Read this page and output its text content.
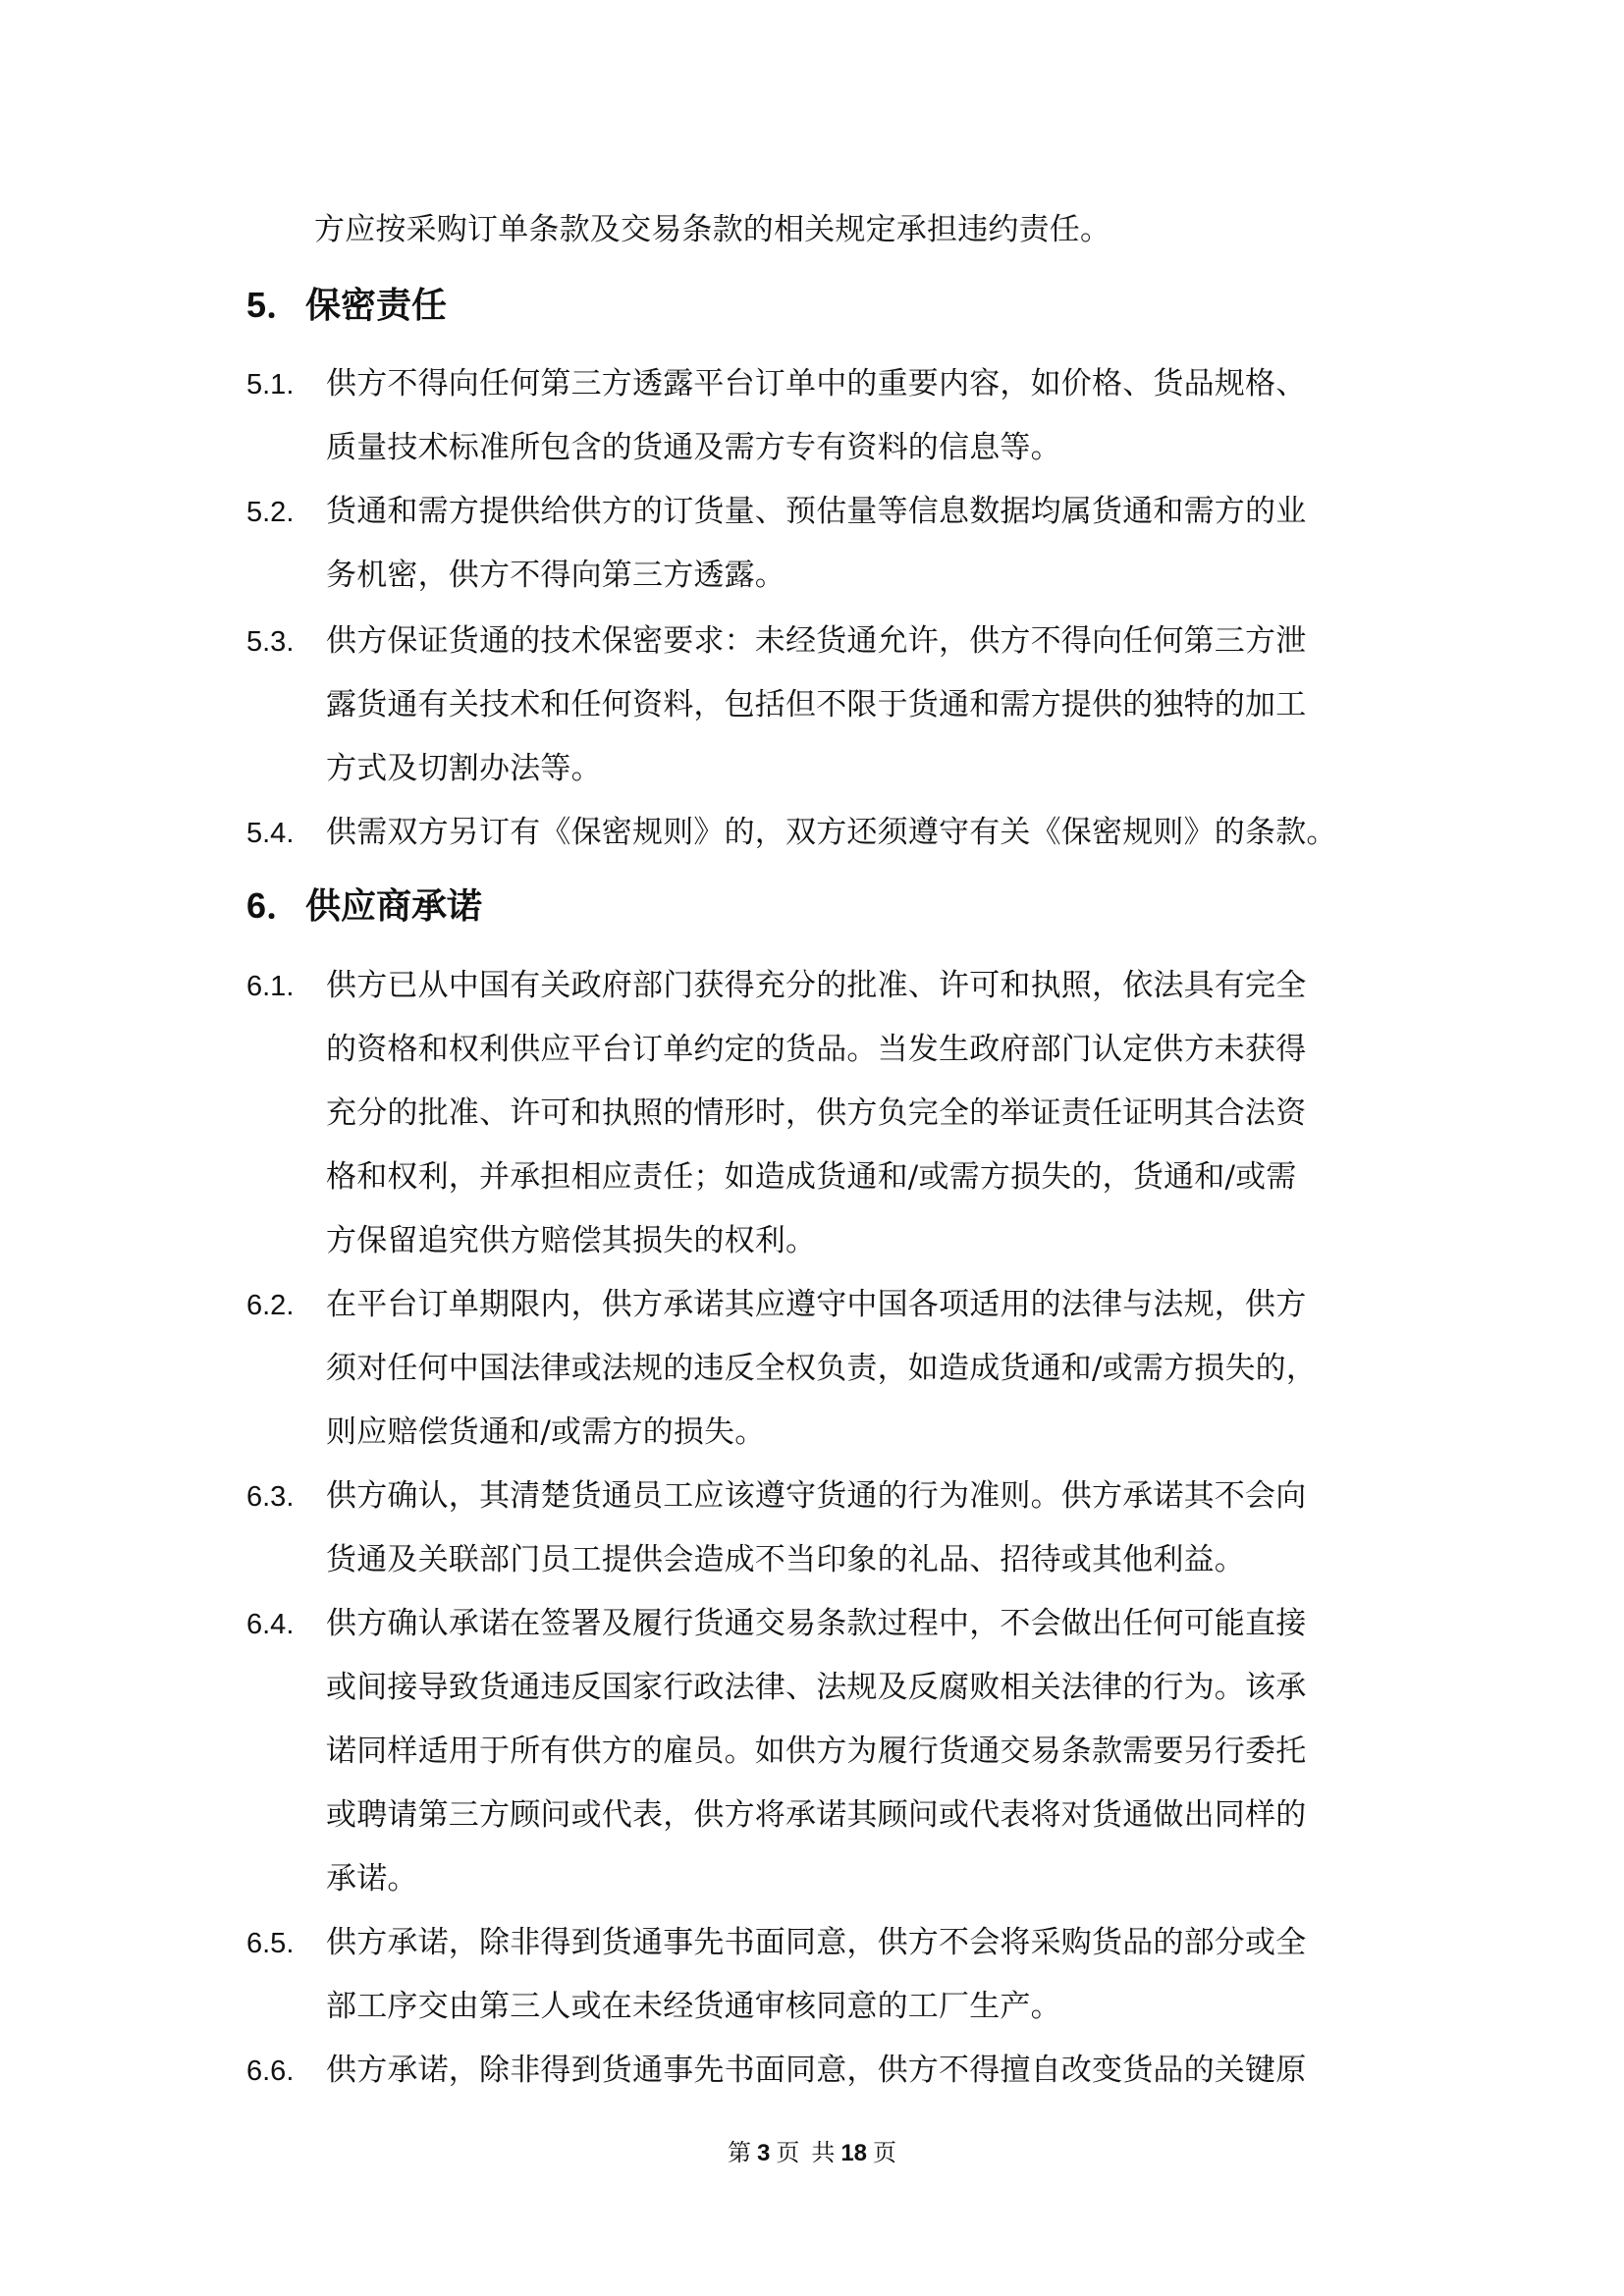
方应按采购订单条款及交易条款的相关规定承担违约责任。
5． 保密责任
5.1. 供方不得向任何第三方透露平台订单中的重要内容，如价格、货品规格、
质量技术标准所包含的货通及需方专有资料的信息等。
5.2. 货通和需方提供给供方的订货量、预估量等信息数据均属货通和需方的业
务机密，供方不得向第三方透露。
5.3. 供方保证货通的技术保密要求：未经货通允许，供方不得向任何第三方泄
露货通有关技术和任何资料，包括但不限于货通和需方提供的独特的加工
方式及切割办法等。
5.4. 供需双方另订有《保密规则》的，双方还须遵守有关《保密规则》的条款。
6． 供应商承诺
6.1. 供方已从中国有关政府部门获得充分的批准、许可和执照，依法具有完全
的资格和权利供应平台订单约定的货品。当发生政府部门认定供方未获得
充分的批准、许可和执照的情形时，供方负完全的举证责任证明其合法资
格和权利，并承担相应责任；如造成货通和/或需方损失的，货通和/或需
方保留追究供方赔偿其损失的权利。
6.2. 在平台订单期限内，供方承诺其应遵守中国各项适用的法律与法规，供方
须对任何中国法律或法规的违反全权负责，如造成货通和/或需方损失的，
则应赔偿货通和/或需方的损失。
6.3. 供方确认，其清楚货通员工应该遵守货通的行为准则。供方承诺其不会向
货通及关联部门员工提供会造成不当印象的礼品、招待或其他利益。
6.4. 供方确认承诺在签署及履行货通交易条款过程中，不会做出任何可能直接
或间接导致货通违反国家行政法律、法规及反腐败相关法律的行为。该承
诺同样适用于所有供方的雇员。如供方为履行货通交易条款需要另行委托
或聘请第三方顾问或代表，供方将承诺其顾问或代表将对货通做出同样的
承诺。
6.5. 供方承诺，除非得到货通事先书面同意，供方不会将采购货品的部分或全
部工序交由第三人或在未经货通审核同意的工厂生产。
6.6. 供方承诺，除非得到货通事先书面同意，供方不得擅自改变货品的关键原
第 3 页 共 18 页
